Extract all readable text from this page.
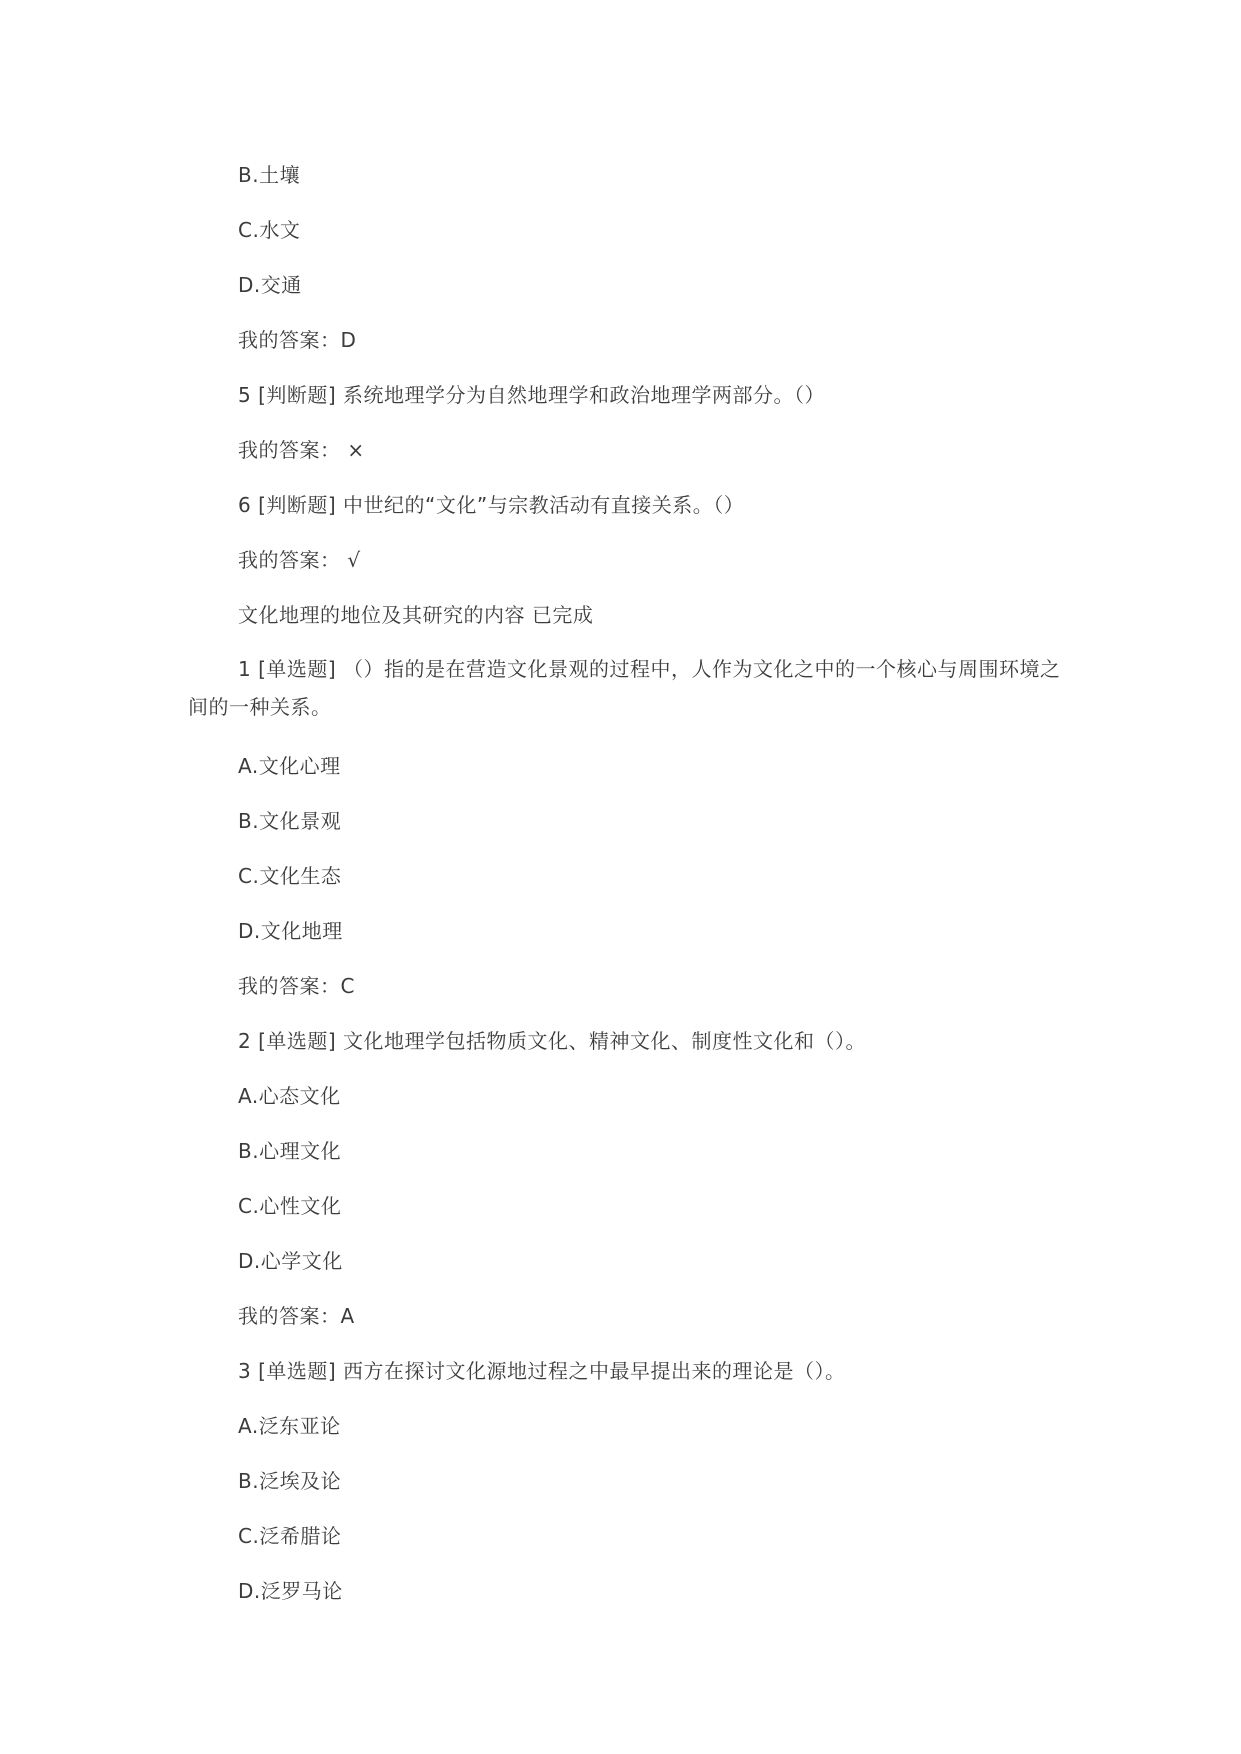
B.土壤
C.水文
D.交通
我的答案：D
5 [判断题] 系统地理学分为自然地理学和政治地理学两部分。（）
我的答案： ×
6 [判断题] 中世纪的“文化”与宗教活动有直接关系。（）
我的答案： √
文化地理的地位及其研究的内容 已完成
1 [单选题] （）指的是在营造文化景观的过程中，人作为文化之中的一个核心与周围环境之间的一种关系。
A.文化心理
B.文化景观
C.文化生态
D.文化地理
我的答案：C
2 [单选题] 文化地理学包括物质文化、精神文化、制度性文化和（）。
A.心态文化
B.心理文化
C.心性文化
D.心学文化
我的答案：A
3 [单选题] 西方在探讨文化源地过程之中最早提出来的理论是（）。
A.泛东亚论
B.泛埃及论
C.泛希腊论
D.泛罗马论
